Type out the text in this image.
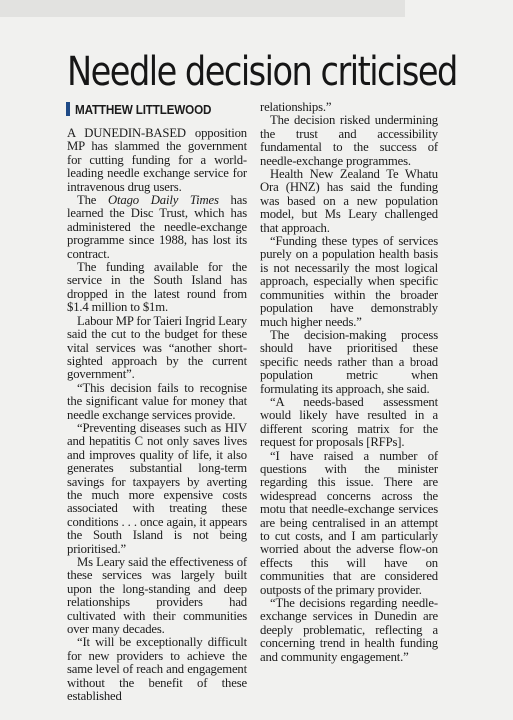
Needle decision criticised
MATTHEW LITTLEWOOD

A DUNEDIN-BASED opposition MP has slammed the government for cutting funding for a world-leading needle exchange service for intravenous drug users.

The Otago Daily Times has learned the Disc Trust, which has administered the needle-exchange programme since 1988, has lost its contract.

The funding available for the service in the South Island has dropped in the latest round from $1.4 million to $1m.

Labour MP for Taieri Ingrid Leary said the cut to the budget for these vital services was “another short-sighted approach by the current government”.

“This decision fails to recognise the significant value for money that needle exchange services provide.

“Preventing diseases such as HIV and hepatitis C not only saves lives and improves quality of life, it also generates substantial long-term savings for taxpayers by averting the much more expensive costs associated with treating these conditions . . . once again, it appears the South Island is not being prioritised.”

Ms Leary said the effectiveness of these services was largely built upon the long-standing and deep relationships providers had cultivated with their communities over many decades.

“It will be exceptionally difficult for new providers to achieve the same level of reach and engagement without the benefit of these established

relationships.”

The decision risked undermining the trust and accessibility fundamental to the success of needle-exchange programmes.

Health New Zealand Te Whatu Ora (HNZ) has said the funding was based on a new population model, but Ms Leary challenged that approach.

“Funding these types of services purely on a population health basis is not necessarily the most logical approach, especially when specific communities within the broader population have demonstrably much higher needs.”

The decision-making process should have prioritised these specific needs rather than a broad population metric when formulating its approach, she said.

“A needs-based assessment would likely have resulted in a different scoring matrix for the request for proposals [RFPs].

“I have raised a number of questions with the minister regarding this issue. There are widespread concerns across the motu that needle-exchange services are being centralised in an attempt to cut costs, and I am particularly worried about the adverse flow-on effects this will have on communities that are considered outposts of the primary provider.

“The decisions regarding needle-exchange services in Dunedin are deeply problematic, reflecting a concerning trend in health funding and community engagement.”
